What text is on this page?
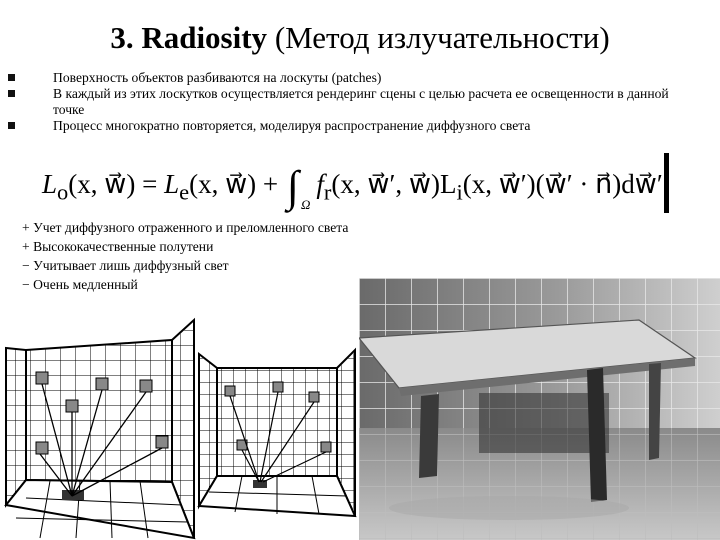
3. Radiosity (Метод излучательности)
Поверхность объектов разбиваются на лоскуты (patches)
В каждый из этих лоскутков осуществляется рендеринг сцены с целью расчета ее освещенности в данной точке
Процесс многократно повторяется, моделируя распространение диффузного света
$L_o(x$, w⃗) = $L_e(x$, w⃗) + ∫ $_\Omega f_r(x$, w⃗′, $w⃗)L_i(x$, w⃗′)(w⃗′ · n⃗)dw⃗′
+ Учет диффузного отраженного и преломленного света
+ Высококачественные полутени
− Учитывает лишь диффузный свет
− Очень медленный
